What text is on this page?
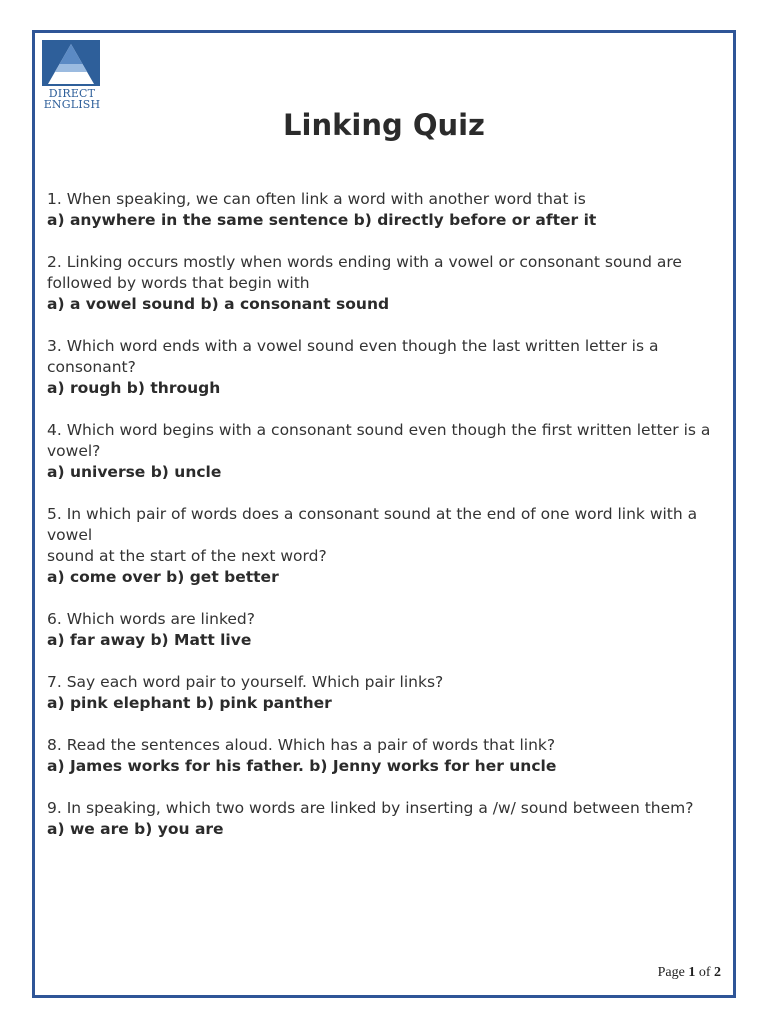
DIRECT
ENGLISH
Linking Quiz
1. When speaking, we can often link a word with another word that is
a) anywhere in the same sentence b) directly before or after it
2. Linking occurs mostly when words ending with a vowel or consonant sound are followed by words that begin with
a) a vowel sound b) a consonant sound
3. Which word ends with a vowel sound even though the last written letter is a consonant?
a) rough b) through
4. Which word begins with a consonant sound even though the first written letter is a vowel?
a) universe b) uncle
5. In which pair of words does a consonant sound at the end of one word link with a vowel
sound at the start of the next word?
a) come over b) get better
6. Which words are linked?
a) far away b) Matt live
7. Say each word pair to yourself. Which pair links?
a) pink elephant b) pink panther
8. Read the sentences aloud. Which has a pair of words that link?
a) James works for his father. b) Jenny works for her uncle
9. In speaking, which two words are linked by inserting a /w/ sound between them?
a) we are b) you are
Page 1 of 2
